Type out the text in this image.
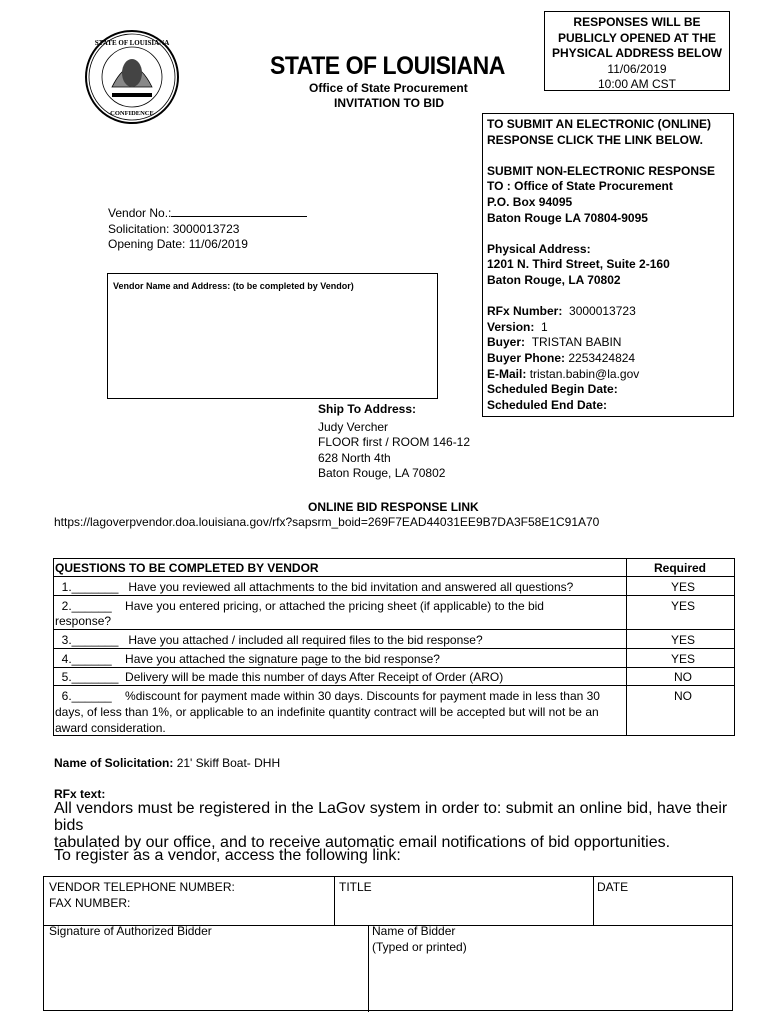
STATE OF LOUISIANA
CONFIDENCE
STATE OF LOUISIANA
Office of State Procurement
INVITATION TO BID
RESPONSES WILL BE
PUBLICLY OPENED AT THE
PHYSICAL ADDRESS BELOW
11/06/2019
10:00 AM CST
TO SUBMIT AN ELECTRONIC (ONLINE)
RESPONSE CLICK THE LINK BELOW.
SUBMIT NON-ELECTRONIC RESPONSE
TO : Office of State Procurement
P.O. Box 94095
Baton Rouge LA 70804-9095
Physical Address:
1201 N. Third Street, Suite 2-160
Baton Rouge, LA 70802
RFx Number: 3000013723
Version: 1
Buyer: TRISTAN BABIN
Buyer Phone: 2253424824
E-Mail: tristan.babin@la.gov
Scheduled Begin Date:
Scheduled End Date:
Vendor No.:
Solicitation: 3000013723
Opening Date: 11/06/2019
Vendor Name and Address: (to be completed by Vendor)
Ship To Address:
Judy Vercher
FLOOR first / ROOM 146-12
628 North 4th
Baton Rouge, LA 70802
ONLINE BID RESPONSE LINK
https://lagoverpvendor.doa.louisiana.gov/rfx?sapsrm_boid=269F7EAD44031EE9B7DA3F58E1C91A70
QUESTIONS TO BE COMPLETED BY VENDOR	Required
1._______   Have you reviewed all attachments to the bid invitation and answered all questions?	YES
2.______    Have you entered pricing, or attached the pricing sheet (if applicable) to the bid
response?
YES
3._______   Have you attached / included all required files to the bid response?	YES
4.______    Have you attached the signature page to the bid response?	YES
5._______  Delivery will be made this number of days After Receipt of Order (ARO)	NO
6.______    %discount for payment made within 30 days. Discounts for payment made in less than 30
days, of less than 1%, or applicable to an indefinite quantity contract will be accepted but will not be an
award consideration.
NO
Name of Solicitation: 21' Skiff Boat- DHH
RFx text:
All vendors must be registered in the LaGov system in order to: submit an online bid, have their bids
tabulated by our office, and to receive automatic email notifications of bid opportunities.
To register as a vendor, access the following link:
VENDOR TELEPHONE NUMBER:
FAX NUMBER:
TITLE	DATE
Signature of Authorized Bidder	Name of Bidder
(Typed or printed)
